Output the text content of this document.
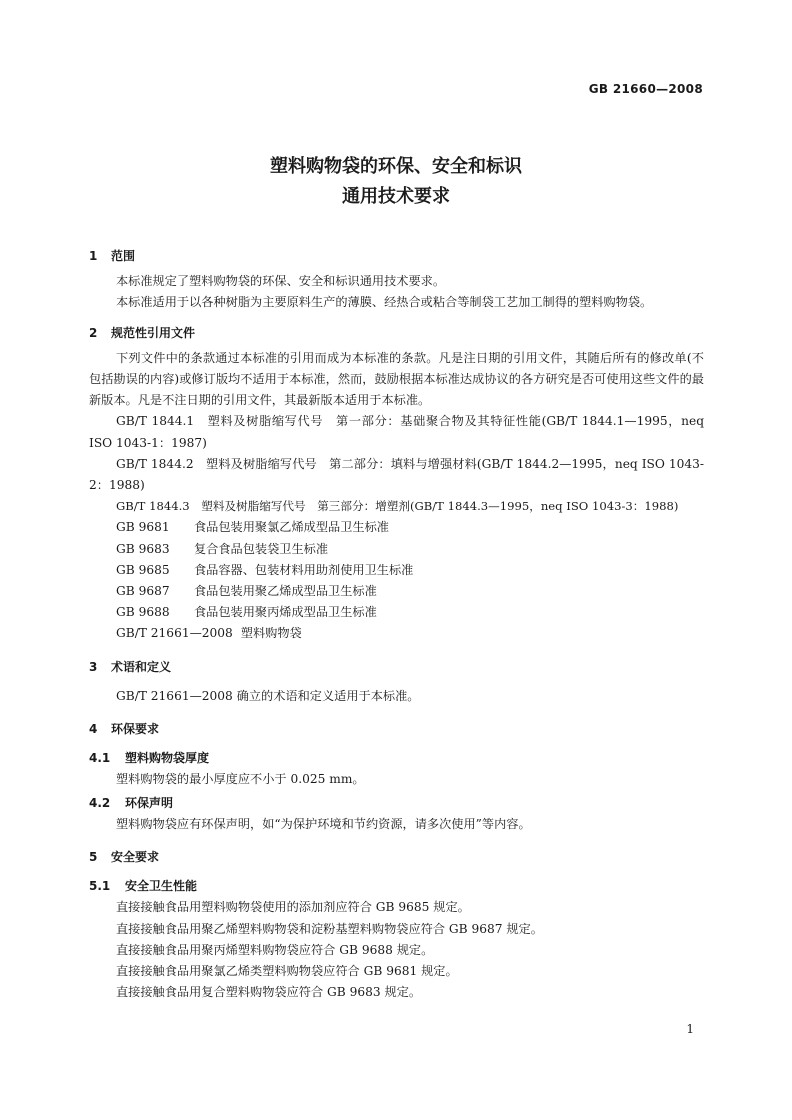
GB 21660—2008
塑料购物袋的环保、安全和标识
通用技术要求
1 范围
本标准规定了塑料购物袋的环保、安全和标识通用技术要求。
本标准适用于以各种树脂为主要原料生产的薄膜、经热合或粘合等制袋工艺加工制得的塑料购物袋。
2 规范性引用文件
下列文件中的条款通过本标准的引用而成为本标准的条款。凡是注日期的引用文件，其随后所有的修改单(不包括勘误的内容)或修订版均不适用于本标准，然而，鼓励根据本标准达成协议的各方研究是否可使用这些文件的最新版本。凡是不注日期的引用文件，其最新版本适用于本标准。
GB/T 1844.1　塑料及树脂缩写代号　第一部分：基础聚合物及其特征性能(GB/T 1844.1—1995，neq ISO 1043-1：1987)
GB/T 1844.2　塑料及树脂缩写代号　第二部分：填料与增强材料(GB/T 1844.2—1995，neq ISO 1043-2：1988)
GB/T 1844.3　塑料及树脂缩写代号　第三部分：增塑剂(GB/T 1844.3—1995，neq ISO 1043-3：1988)
GB 9681 食品包装用聚氯乙烯成型品卫生标准
GB 9683 复合食品包装袋卫生标准
GB 9685 食品容器、包装材料用助剂使用卫生标准
GB 9687 食品包装用聚乙烯成型品卫生标准
GB 9688 食品包装用聚丙烯成型品卫生标准
GB/T 21661—2008 塑料购物袋
3 术语和定义
GB/T 21661—2008 确立的术语和定义适用于本标准。
4 环保要求
4.1 塑料购物袋厚度
塑料购物袋的最小厚度应不小于 0.025 mm。
4.2 环保声明
塑料购物袋应有环保声明，如“为保护环境和节约资源，请多次使用”等内容。
5 安全要求
5.1 安全卫生性能
直接接触食品用塑料购物袋使用的添加剂应符合 GB 9685 规定。
直接接触食品用聚乙烯塑料购物袋和淀粉基塑料购物袋应符合 GB 9687 规定。
直接接触食品用聚丙烯塑料购物袋应符合 GB 9688 规定。
直接接触食品用聚氯乙烯类塑料购物袋应符合 GB 9681 规定。
直接接触食品用复合塑料购物袋应符合 GB 9683 规定。
1
